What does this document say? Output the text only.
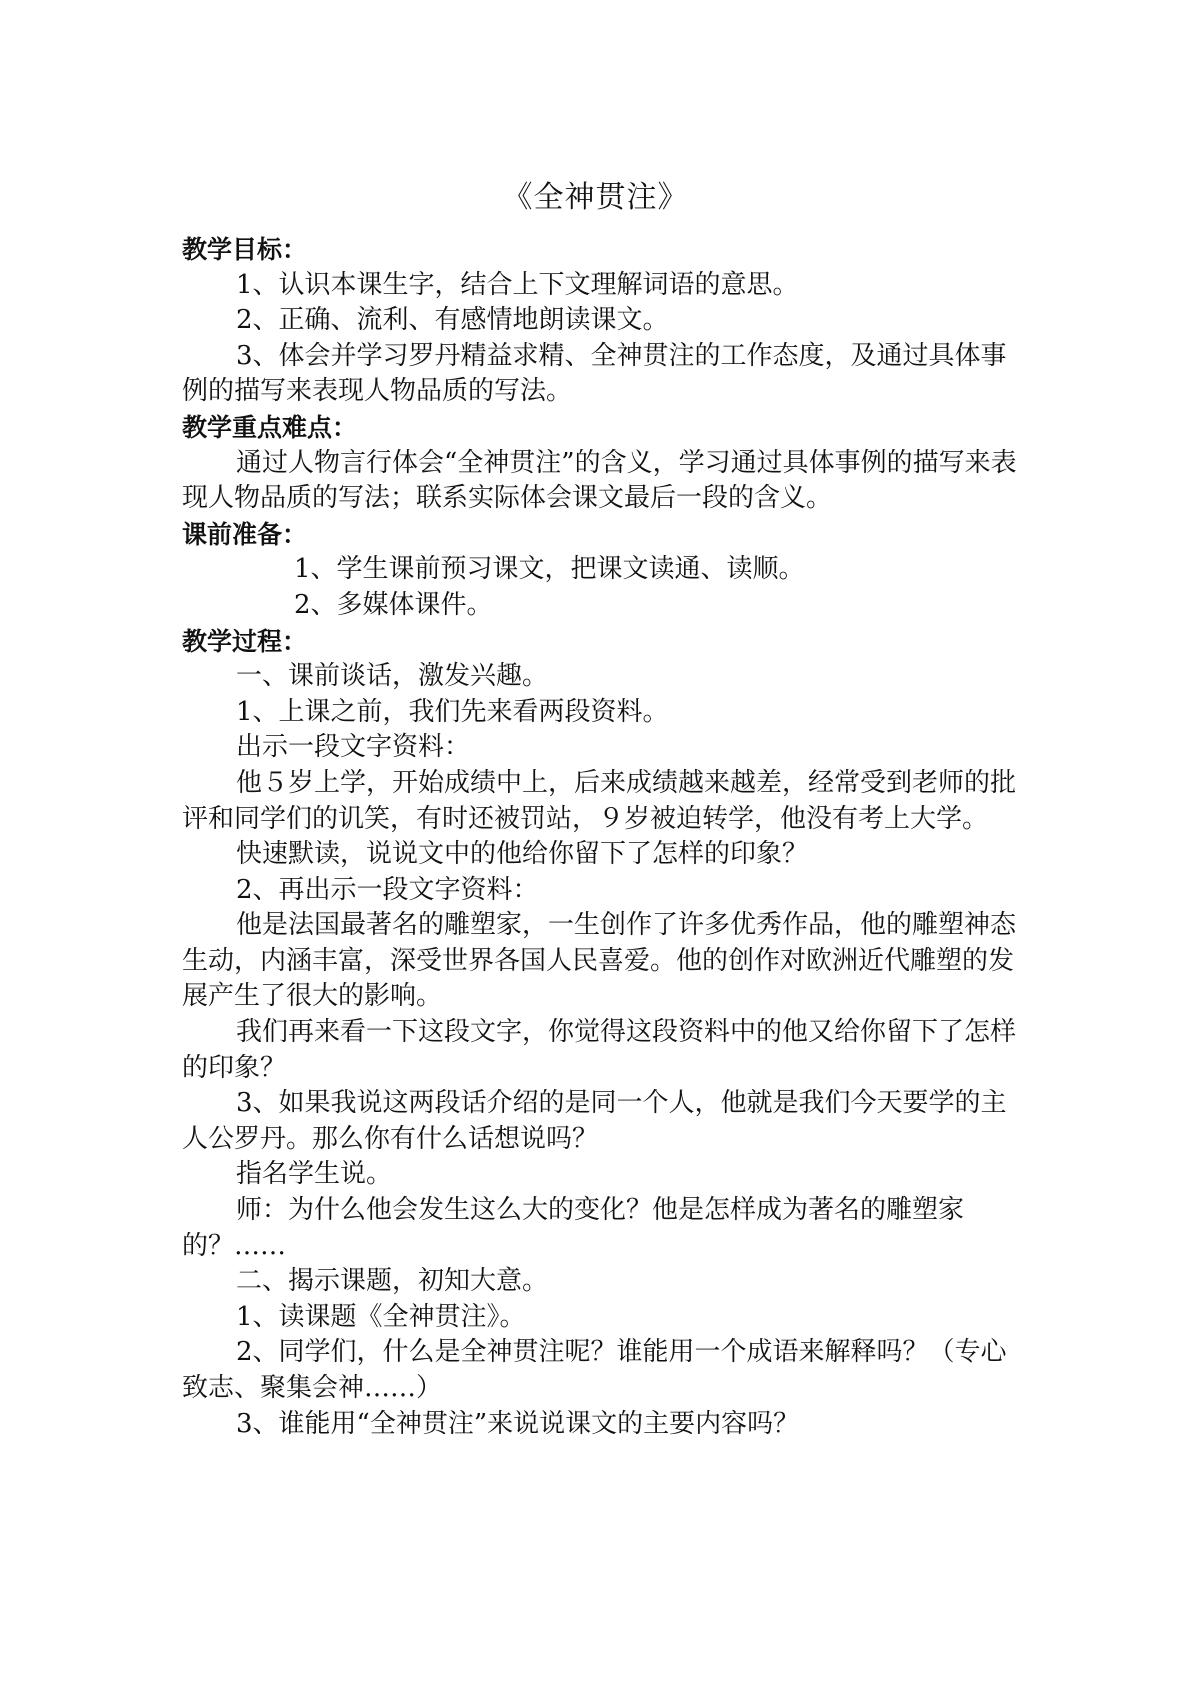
《全神贯注》

教学目标：

1、认识本课生字，结合上下文理解词语的意思。

2、正确、流利、有感情地朗读课文。

3、体会并学习罗丹精益求精、全神贯注的工作态度，及通过具体事例的描写来表现人物品质的写法。

教学重点难点：

通过人物言行体会“全神贯注”的含义，学习通过具体事例的描写来表现人物品质的写法；联系实际体会课文最后一段的含义。

课前准备：

1、学生课前预习课文，把课文读通、读顺。

2、多媒体课件。

教学过程：

一、课前谈话，激发兴趣。

1、上课之前，我们先来看两段资料。

出示一段文字资料：

他５岁上学，开始成绩中上，后来成绩越来越差，经常受到老师的批评和同学们的讥笑，有时还被罚站，９岁被迫转学，他没有考上大学。

快速默读，说说文中的他给你留下了怎样的印象？

2、再出示一段文字资料：

他是法国最著名的雕塑家，一生创作了许多优秀作品，他的雕塑神态生动，内涵丰富，深受世界各国人民喜爱。他的创作对欧洲近代雕塑的发展产生了很大的影响。

我们再来看一下这段文字，你觉得这段资料中的他又给你留下了怎样的印象？

3、如果我说这两段话介绍的是同一个人，他就是我们今天要学的主人公罗丹。那么你有什么话想说吗？

指名学生说。

师：为什么他会发生这么大的变化？他是怎样成为著名的雕塑家的？……

二、揭示课题，初知大意。

1、读课题《全神贯注》。

2、同学们，什么是全神贯注呢？谁能用一个成语来解释吗？（专心致志、聚集会神……）

3、谁能用“全神贯注”来说说课文的主要内容吗？
